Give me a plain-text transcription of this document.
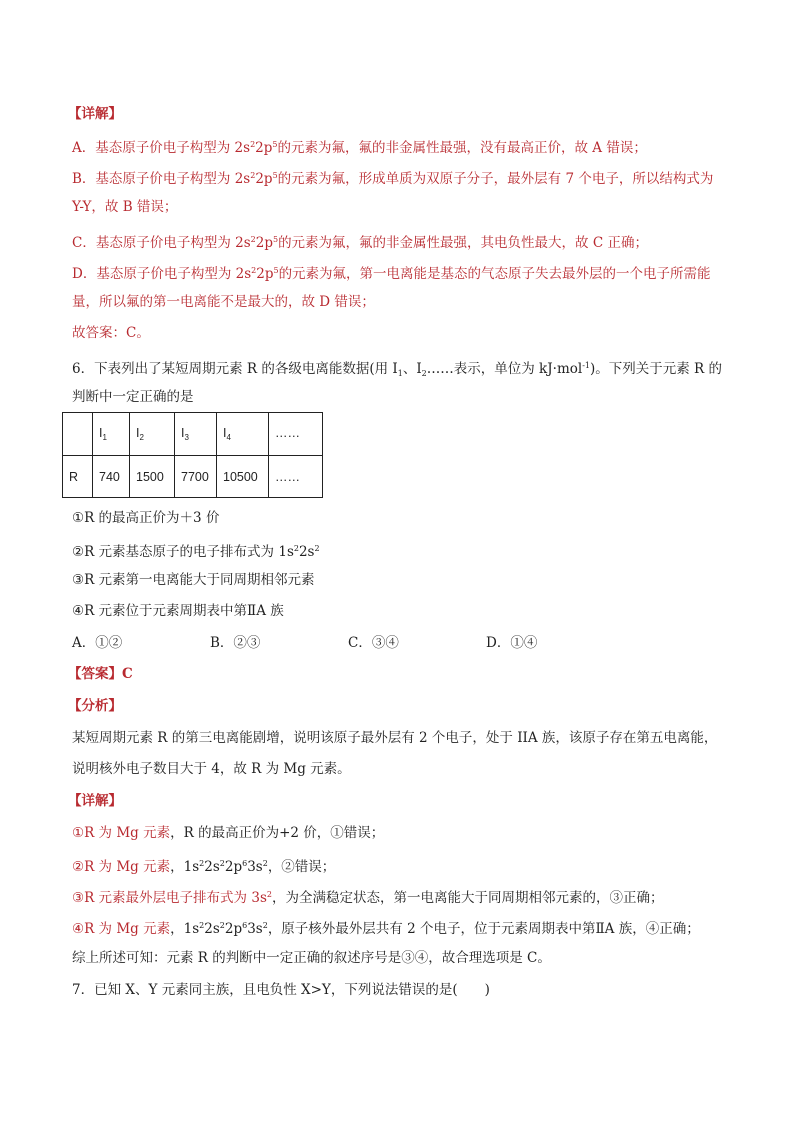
【详解】
A．基态原子价电子构型为 $2s^22p^5$的元素为氟，氟的非金属性最强，没有最高正价，故 A 错误；
B．基态原子价电子构型为 $2s^22p^5$的元素为氟，形成单质为双原子分子，最外层有 7 个电子，所以结构式为
Y-Y，故 B 错误；
C．基态原子价电子构型为 $2s^22p^5$的元素为氟，氟的非金属性最强，其电负性最大，故 C 正确；
D．基态原子价电子构型为 $2s^22p^5$的元素为氟，第一电离能是基态的气态原子失去最外层的一个电子所需能
量，所以氟的第一电离能不是最大的，故 D 错误；
故答案：C。
6．下表列出了某短周期元素 R 的各级电离能数据(用 $I_1$、$I_2\dots\dots$表示，单位为 kJ·mol$^{-1}$)。下列关于元素 R 的
判断中一定正确的是
	$I_1$	$I_2$	$I_3$	$I_4$	……
R	740	1500	7700	10500	……
①R 的最高正价为＋3 价
②R 元素基态原子的电子排布式为 $1s^22s^2$
③R 元素第一电离能大于同周期相邻元素
④R 元素位于元素周期表中第ⅡA 族
A．①②	B．②③	C．③④	D．①④
【答案】C
【分析】
某短周期元素 R 的第三电离能剧增，说明该原子最外层有 2 个电子，处于 IIA 族，该原子存在第五电离能，
说明核外电子数目大于 4，故 R 为 Mg 元素。
【详解】
①R 为 Mg 元素，R 的最高正价为+2 价，①错误；
②R 为 Mg 元素，$1s^22s^22p^63s^2$，②错误；
③R 元素最外层电子排布式为 $3s^2$，为全满稳定状态，第一电离能大于同周期相邻元素的，③正确；
④R 为 Mg 元素，$1s^22s^22p^63s^2$，原子核外最外层共有 2 个电子，位于元素周期表中第ⅡA 族，④正确；
综上所述可知：元素 R 的判断中一定正确的叙述序号是③④，故合理选项是 C。
7．已知 X、Y 元素同主族，且电负性 X>Y，下列说法错误的是(　　)
